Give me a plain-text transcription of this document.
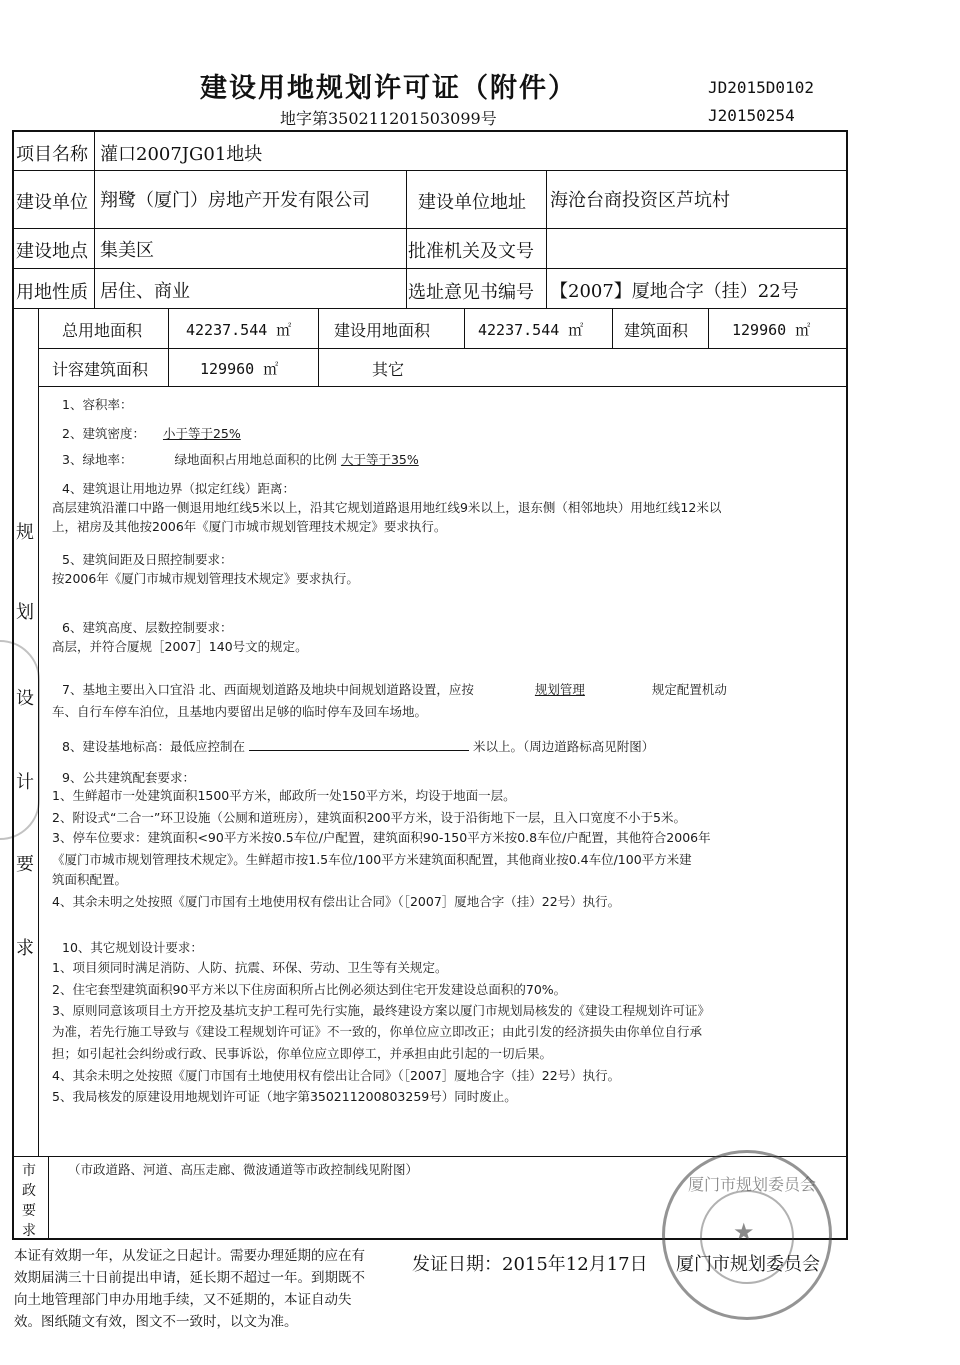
建设用地规划许可证（附件）
地字第350211201503099号
JD2015D0102
J20150254
项目名称 灌口2007JG01地块
建设单位 翔鹭（厦门）房地产开发有限公司	建设单位地址 海沧台商投资区芦坑村
建设地点 集美区	批准机关及文号
用地性质 居住、商业	选址意见书编号 【2007】厦地合字（挂）22号
总用地面积	42237.544 ㎡	建设用地面积	42237.544 ㎡	建筑面积	129960 ㎡
计容建筑面积	129960 ㎡	其它
规
划
设
计
要
求
1、容积率：
2、建筑密度： 小于等于25%
3、绿地率：	绿地面积占用地总面积的比例 大于等于35%
4、建筑退让用地边界（拟定红线）距离：
高层建筑沿灌口中路一侧退用地红线5米以上，沿其它规划道路退用地红线9米以上，退东侧（相邻地块）用地红线12米以
上，裙房及其他按2006年《厦门市城市规划管理技术规定》要求执行。
5、建筑间距及日照控制要求：
按2006年《厦门市城市规划管理技术规定》要求执行。
6、建筑高度、层数控制要求：
高层，并符合厦规［2007］140号文的规定。
7、基地主要出入口宜沿 北、西面规划道路及地块中间规划道路设置，应按	规划管理	规定配置机动
车、自行车停车泊位，且基地内要留出足够的临时停车及回车场地。
8、建设基地标高：最低应控制在	米以上。（周边道路标高见附图）
9、公共建筑配套要求：
1、生鲜超市一处建筑面积1500平方米，邮政所一处150平方米，均设于地面一层。
2、附设式“二合一”环卫设施（公厕和道班房），建筑面积200平方米，设于沿街地下一层，且入口宽度不小于5米。
3、停车位要求：建筑面积<90平方米按0.5车位/户配置，建筑面积90-150平方米按0.8车位/户配置，其他符合2006年
《厦门市城市规划管理技术规定》。生鲜超市按1.5车位/100平方米建筑面积配置，其他商业按0.4车位/100平方米建
筑面积配置。
4、其余未明之处按照《厦门市国有土地使用权有偿出让合同》（［2007］厦地合字（挂）22号）执行。
10、其它规划设计要求：
1、项目须同时满足消防、人防、抗震、环保、劳动、卫生等有关规定。
2、住宅套型建筑面积90平方米以下住房面积所占比例必须达到住宅开发建设总面积的70%。
3、原则同意该项目土方开挖及基坑支护工程可先行实施，最终建设方案以厦门市规划局核发的《建设工程规划许可证》
为准，若先行施工导致与《建设工程规划许可证》不一致的，你单位应立即改正；由此引发的经济损失由你单位自行承
担；如引起社会纠纷或行政、民事诉讼，你单位应立即停工，并承担由此引起的一切后果。
4、其余未明之处按照《厦门市国有土地使用权有偿出让合同》（［2007］厦地合字（挂）22号）执行。
5、我局核发的原建设用地规划许可证（地字第350211200803259号）同时废止。
市
政
要
求
（市政道路、河道、高压走廊、微波通道等市政控制线见附图）
厦门市规划委员会
★
本证有效期一年，从发证之日起计。需要办理延期的应在有
效期届满三十日前提出申请，延长期不超过一年。到期既不
向土地管理部门申办用地手续，又不延期的，本证自动失
效。图纸随文有效，图文不一致时，以文为准。
发证日期：2015年12月17日 厦门市规划委员会
